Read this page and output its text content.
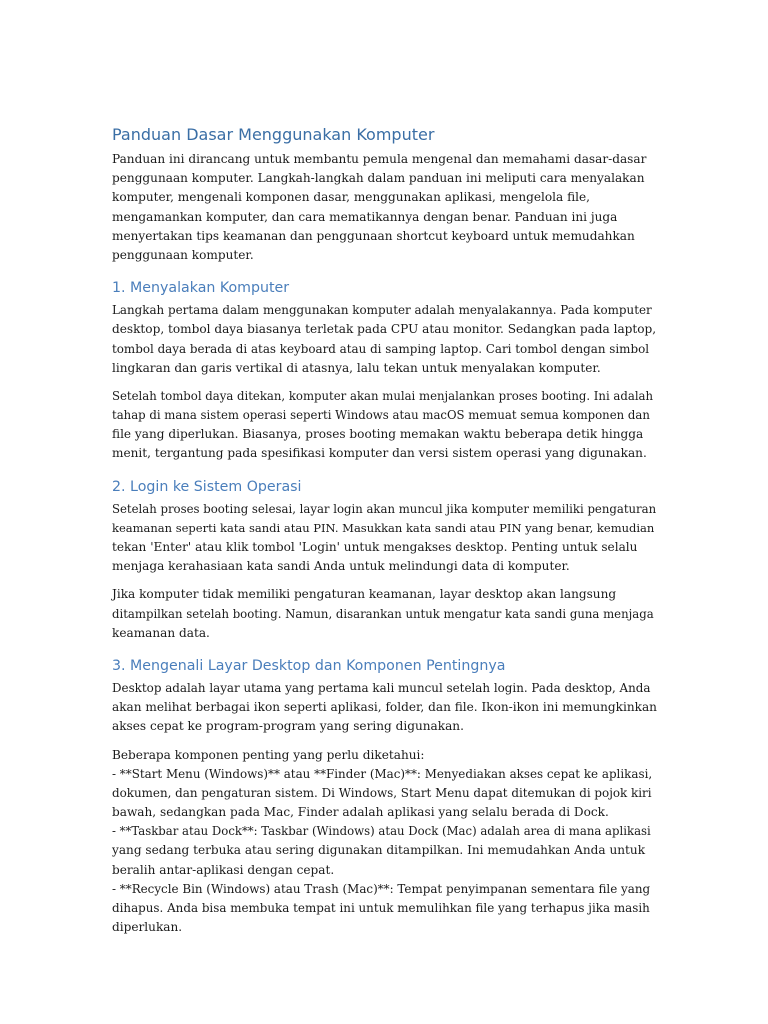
Panduan Dasar Menggunakan Komputer
Panduan ini dirancang untuk membantu pemula mengenal dan memahami dasar-dasar
penggunaan komputer. Langkah-langkah dalam panduan ini meliputi cara menyalakan
komputer, mengenali komponen dasar, menggunakan aplikasi, mengelola file,
mengamankan komputer, dan cara mematikannya dengan benar. Panduan ini juga
menyertakan tips keamanan dan penggunaan shortcut keyboard untuk memudahkan
penggunaan komputer.
1. Menyalakan Komputer
Langkah pertama dalam menggunakan komputer adalah menyalakannya. Pada komputer
desktop, tombol daya biasanya terletak pada CPU atau monitor. Sedangkan pada laptop,
tombol daya berada di atas keyboard atau di samping laptop. Cari tombol dengan simbol
lingkaran dan garis vertikal di atasnya, lalu tekan untuk menyalakan komputer.
Setelah tombol daya ditekan, komputer akan mulai menjalankan proses booting. Ini adalah
tahap di mana sistem operasi seperti Windows atau macOS memuat semua komponen dan
file yang diperlukan. Biasanya, proses booting memakan waktu beberapa detik hingga
menit, tergantung pada spesifikasi komputer dan versi sistem operasi yang digunakan.
2. Login ke Sistem Operasi
Setelah proses booting selesai, layar login akan muncul jika komputer memiliki pengaturan
keamanan seperti kata sandi atau PIN. Masukkan kata sandi atau PIN yang benar, kemudian
tekan 'Enter' atau klik tombol 'Login' untuk mengakses desktop. Penting untuk selalu
menjaga kerahasiaan kata sandi Anda untuk melindungi data di komputer.
Jika komputer tidak memiliki pengaturan keamanan, layar desktop akan langsung
ditampilkan setelah booting. Namun, disarankan untuk mengatur kata sandi guna menjaga
keamanan data.
3. Mengenali Layar Desktop dan Komponen Pentingnya
Desktop adalah layar utama yang pertama kali muncul setelah login. Pada desktop, Anda
akan melihat berbagai ikon seperti aplikasi, folder, dan file. Ikon-ikon ini memungkinkan
akses cepat ke program-program yang sering digunakan.
Beberapa komponen penting yang perlu diketahui:
- **Start Menu (Windows)** atau **Finder (Mac)**: Menyediakan akses cepat ke aplikasi,
dokumen, dan pengaturan sistem. Di Windows, Start Menu dapat ditemukan di pojok kiri
bawah, sedangkan pada Mac, Finder adalah aplikasi yang selalu berada di Dock.
- **Taskbar atau Dock**: Taskbar (Windows) atau Dock (Mac) adalah area di mana aplikasi
yang sedang terbuka atau sering digunakan ditampilkan. Ini memudahkan Anda untuk
beralih antar-aplikasi dengan cepat.
- **Recycle Bin (Windows) atau Trash (Mac)**: Tempat penyimpanan sementara file yang
dihapus. Anda bisa membuka tempat ini untuk memulihkan file yang terhapus jika masih
diperlukan.
